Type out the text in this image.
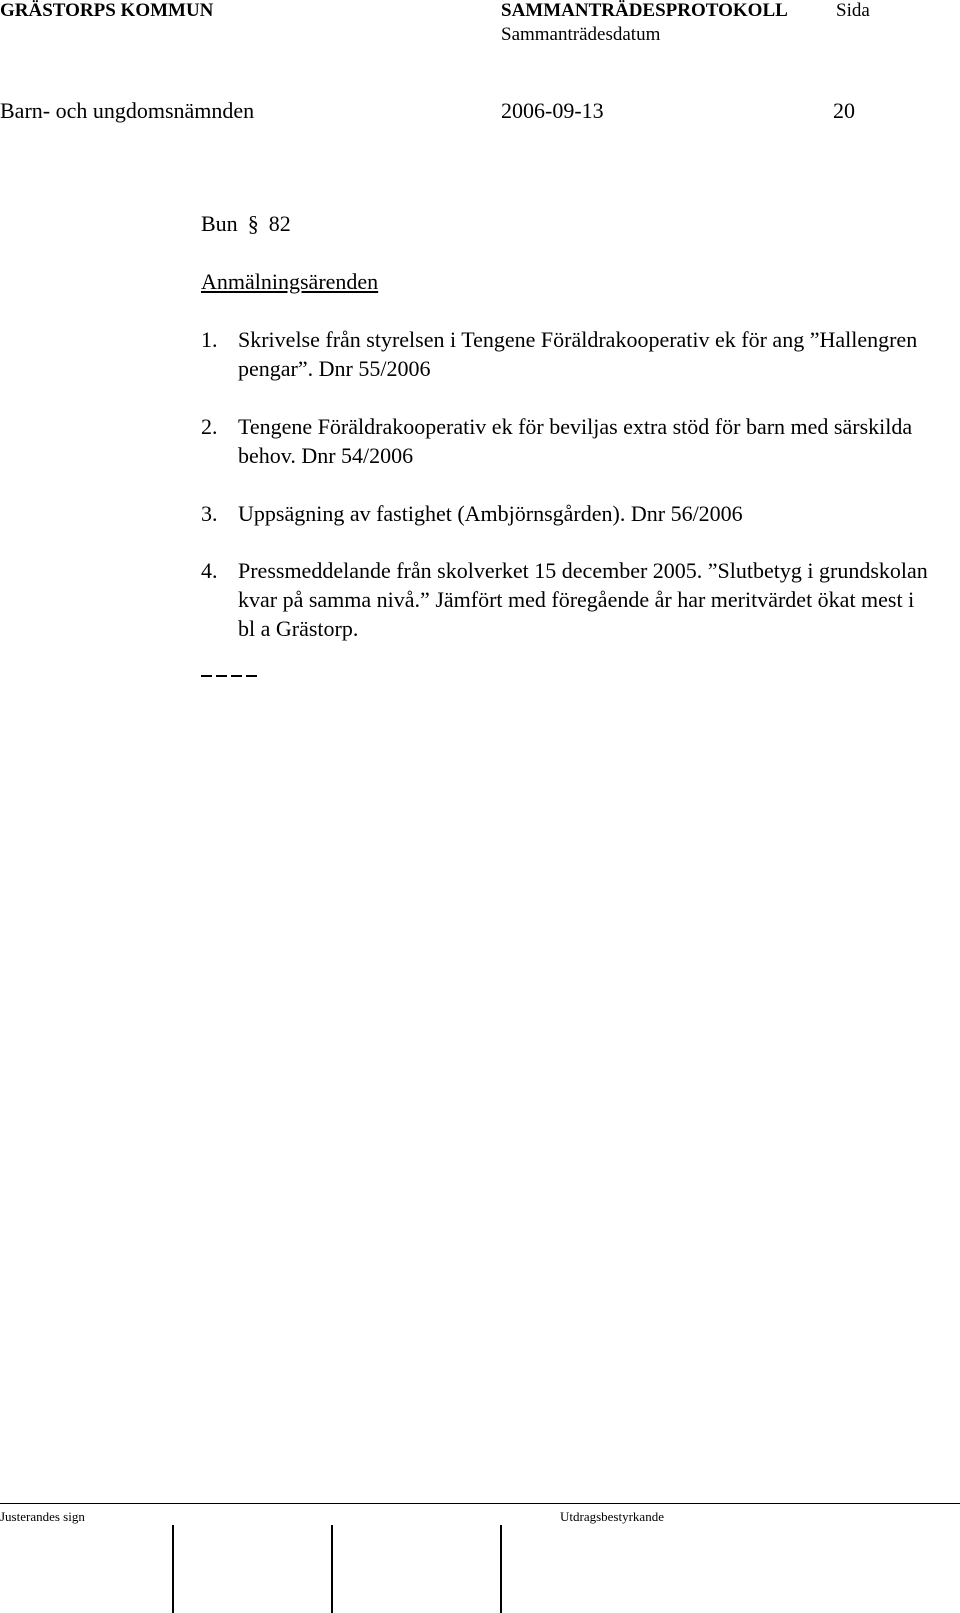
GRÄSTORPS KOMMUN	SAMMANTRÄDESPROTOKOLL	Sida
Sammanträdesdatum
Barn- och ungdomsnämnden	2006-09-13	20
Bun § 82
Anmälningsärenden
1. Skrivelse från styrelsen i Tengene Föräldrakooperativ ek för ang ”Hallengren pengar”. Dnr 55/2006
2. Tengene Föräldrakooperativ ek för beviljas extra stöd för barn med särskilda behov. Dnr 54/2006
3. Uppsägning av fastighet (Ambjörnsgården). Dnr 56/2006
4. Pressmeddelande från skolverket 15 december 2005. ”Slutbetyg i grundskolan kvar på samma nivå.” Jämfört med föregående år har meritvärdet ökat mest i bl a Grästorp.
Justerandes sign	Utdragsbestyrkande
